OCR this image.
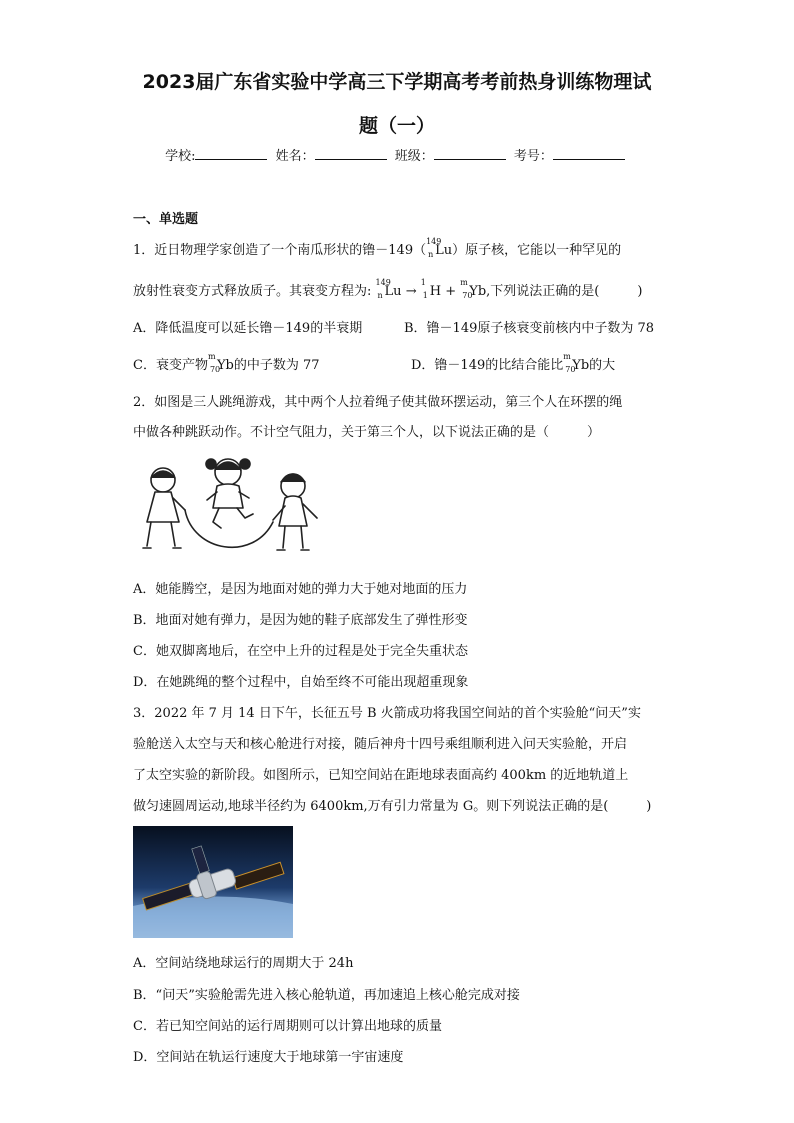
2023届广东省实验中学高三下学期高考考前热身训练物理试
题（一）
学校:	姓名：	班级：	考号：
一、单选题
1．近日物理学家创造了一个南瓜形状的镥－149（
149
n Lu）原子核，它能以一种罕见的
放射性衰变方式释放质子。其衰变方程为:
149
n Lu →
1
1 H +
m
70
Yb,下列说法正确的是(	)
A．降低温度可以延长镥－149的半衰期	B．镥－149原子核衰变前核内中子数为 78
C．衰变产物
m
70
Yb的中子数为 77	D．镥－149的比结合能比
m
70
Yb的大
2．如图是三人跳绳游戏，其中两个人拉着绳子使其做环摆运动，第三个人在环摆的绳
中做各种跳跃动作。不计空气阻力，关于第三个人，以下说法正确的是（	）
A．她能腾空，是因为地面对她的弹力大于她对地面的压力
B．地面对她有弹力，是因为她的鞋子底部发生了弹性形变
C．她双脚离地后，在空中上升的过程是处于完全失重状态
D．在她跳绳的整个过程中，自始至终不可能出现超重现象
3．2022 年 7 月 14 日下午，长征五号 B 火箭成功将我国空间站的首个实验舱“问天”实
验舱送入太空与天和核心舱进行对接，随后神舟十四号乘组顺利进入问天实验舱，开启
了太空实验的新阶段。如图所示，已知空间站在距地球表面高约 400km 的近地轨道上
做匀速圆周运动,地球半径约为 6400km,万有引力常量为 G。则下列说法正确的是(	)
A．空间站绕地球运行的周期大于 24h
B．“问天”实验舱需先进入核心舱轨道，再加速追上核心舱完成对接
C．若已知空间站的运行周期则可以计算出地球的质量
D．空间站在轨运行速度大于地球第一宇宙速度
